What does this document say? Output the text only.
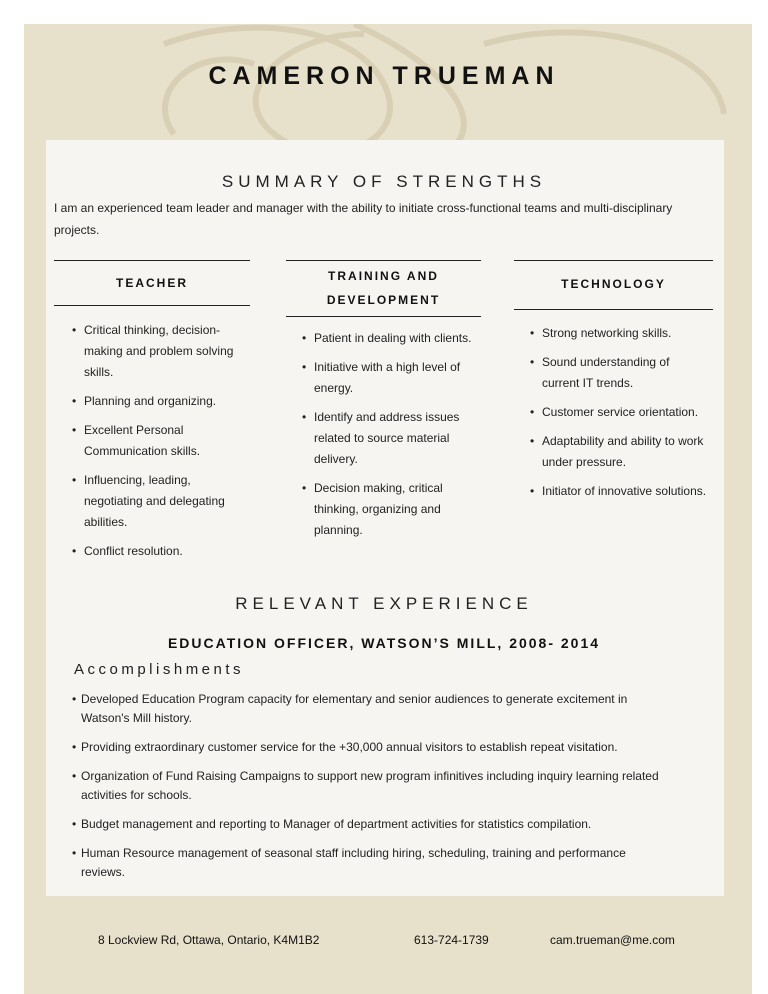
CAMERON TRUEMAN
SUMMARY OF STRENGTHS
I am an experienced team leader and manager with the ability to initiate cross-functional teams and multi-disciplinary projects.
TEACHER	TRAINING AND
DEVELOPMENT
TECHNOLOGY
• Critical thinking, decision-making and problem solving skills.
• Planning and organizing.
• Excellent Personal Communication skills.
• Influencing, leading, negotiating and delegating abilities.
• Conflict resolution.
• Patient in dealing with clients.
• Initiative with a high level of energy.
• Identify and address issues related to source material delivery.
• Decision making, critical thinking, organizing and planning.
• Strong networking skills.
• Sound understanding of current IT trends.
• Customer service orientation.
• Adaptability and ability to work under pressure.
• Initiator of innovative solutions.
RELEVANT EXPERIENCE
EDUCATION OFFICER, WATSON’S MILL, 2008- 2014
Accomplishments
• Developed Education Program capacity for elementary and senior audiences to generate excitement in Watson's Mill history.
• Providing extraordinary customer service for the +30,000 annual visitors to establish repeat visitation.
• Organization of Fund Raising Campaigns to support new program infinitives including inquiry learning related activities for schools.
• Budget management and reporting to Manager of department activities for statistics compilation.
• Human Resource management of seasonal staff including hiring, scheduling, training and performance reviews.
8 Lockview Rd, Ottawa, Ontario, K4M1B2	613-724-1739	cam.trueman@me.com
